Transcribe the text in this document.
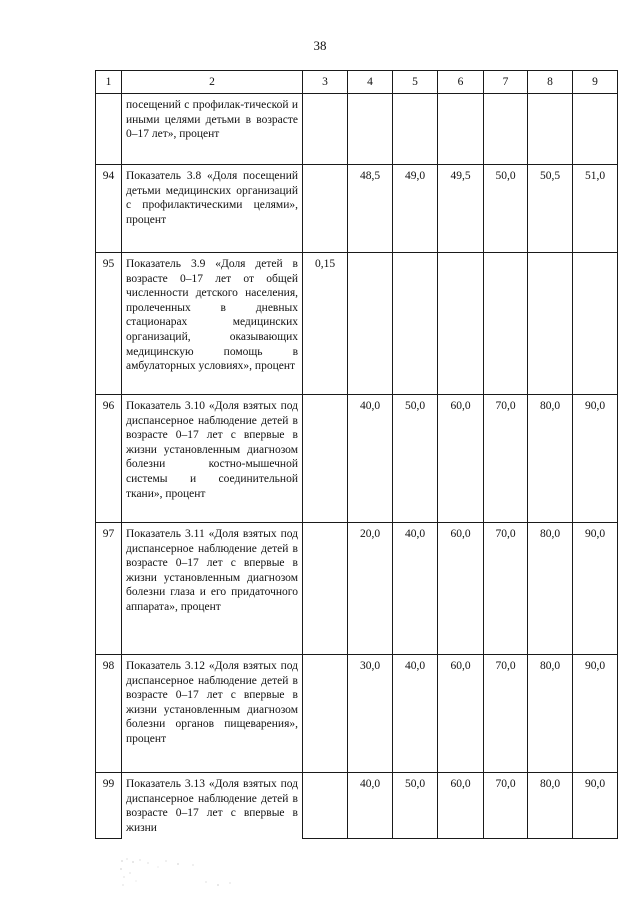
38
1	2	3	4	5	6	7	8	9
	посещений с профилак-тической и иными целями детьми в возрасте 0–17 лет», процент							
94	Показатель 3.8 «Доля посещений детьми медицинских организаций с профилактическими целями», процент		48,5	49,0	49,5	50,0	50,5	51,0
95	Показатель 3.9 «Доля детей в возрасте 0–17 лет от общей численности детского населения, пролеченных в дневных стационарах медицинских организаций, оказывающих медицинскую помощь в амбулаторных условиях», процент	0,15						
96	Показатель 3.10 «Доля взятых под диспансерное наблюдение детей в возрасте 0–17 лет с впервые в жизни установленным диагнозом болезни костно-мышечной системы и соединительной ткани», процент		40,0	50,0	60,0	70,0	80,0	90,0
97	Показатель 3.11 «Доля взятых под диспансерное наблюдение детей в возрасте 0–17 лет с впервые в жизни установленным диагнозом болезни глаза и его придаточного аппарата», процент		20,0	40,0	60,0	70,0	80,0	90,0
98	Показатель 3.12 «Доля взятых под диспансерное наблюдение детей в возрасте 0–17 лет с впервые в жизни установленным диагнозом болезни органов пищеварения», процент		30,0	40,0	60,0	70,0	80,0	90,0
99	Показатель 3.13 «Доля взятых под диспансерное наблюдение детей в возрасте 0–17 лет с впервые в жизни		40,0	50,0	60,0	70,0	80,0	90,0
